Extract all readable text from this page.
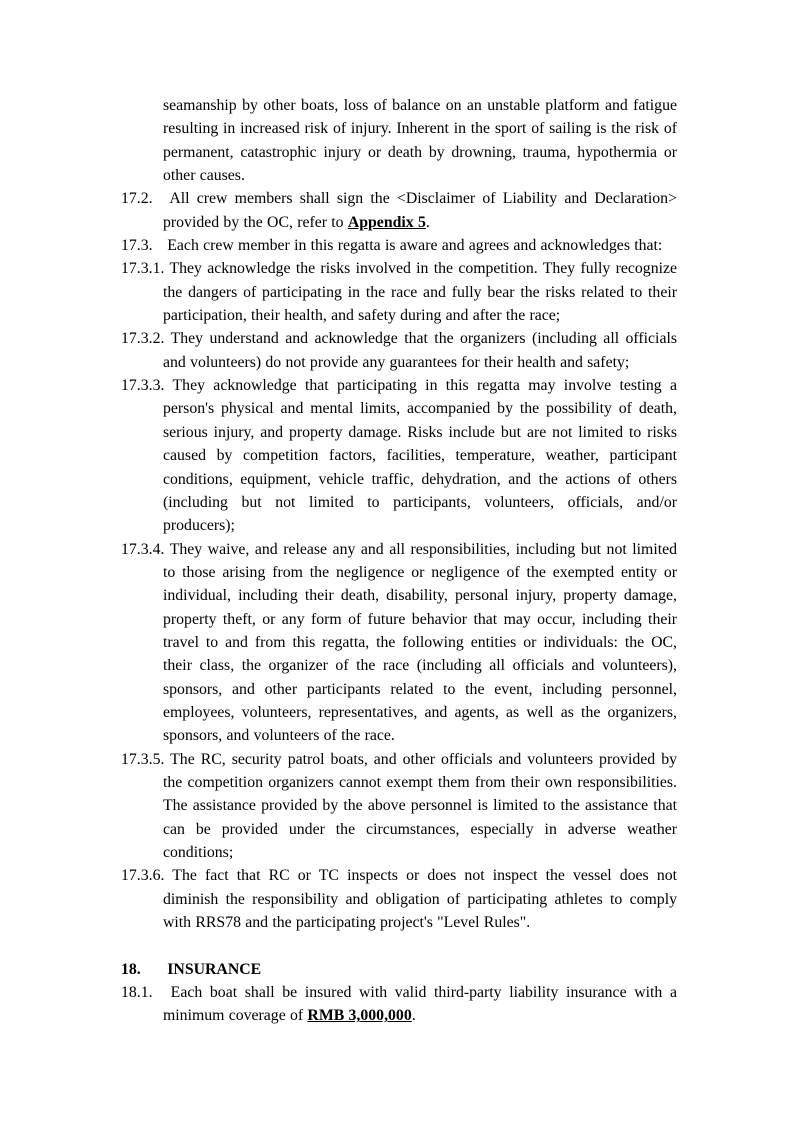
seamanship by other boats, loss of balance on an unstable platform and fatigue resulting in increased risk of injury. Inherent in the sport of sailing is the risk of permanent, catastrophic injury or death by drowning, trauma, hypothermia or other causes.

17.2. All crew members shall sign the <Disclaimer of Liability and Declaration> provided by the OC, refer to Appendix 5.

17.3. Each crew member in this regatta is aware and agrees and acknowledges that:

17.3.1. They acknowledge the risks involved in the competition. They fully recognize the dangers of participating in the race and fully bear the risks related to their participation, their health, and safety during and after the race;

17.3.2. They understand and acknowledge that the organizers (including all officials and volunteers) do not provide any guarantees for their health and safety;

17.3.3. They acknowledge that participating in this regatta may involve testing a person's physical and mental limits, accompanied by the possibility of death, serious injury, and property damage. Risks include but are not limited to risks caused by competition factors, facilities, temperature, weather, participant conditions, equipment, vehicle traffic, dehydration, and the actions of others (including but not limited to participants, volunteers, officials, and/or producers);

17.3.4. They waive, and release any and all responsibilities, including but not limited to those arising from the negligence or negligence of the exempted entity or individual, including their death, disability, personal injury, property damage, property theft, or any form of future behavior that may occur, including their travel to and from this regatta, the following entities or individuals: the OC, their class, the organizer of the race (including all officials and volunteers), sponsors, and other participants related to the event, including personnel, employees, volunteers, representatives, and agents, as well as the organizers, sponsors, and volunteers of the race.

17.3.5. The RC, security patrol boats, and other officials and volunteers provided by the competition organizers cannot exempt them from their own responsibilities. The assistance provided by the above personnel is limited to the assistance that can be provided under the circumstances, especially in adverse weather conditions;

17.3.6. The fact that RC or TC inspects or does not inspect the vessel does not diminish the responsibility and obligation of participating athletes to comply with RRS78 and the participating project's "Level Rules".

18. INSURANCE

18.1. Each boat shall be insured with valid third-party liability insurance with a minimum coverage of RMB 3,000,000.
